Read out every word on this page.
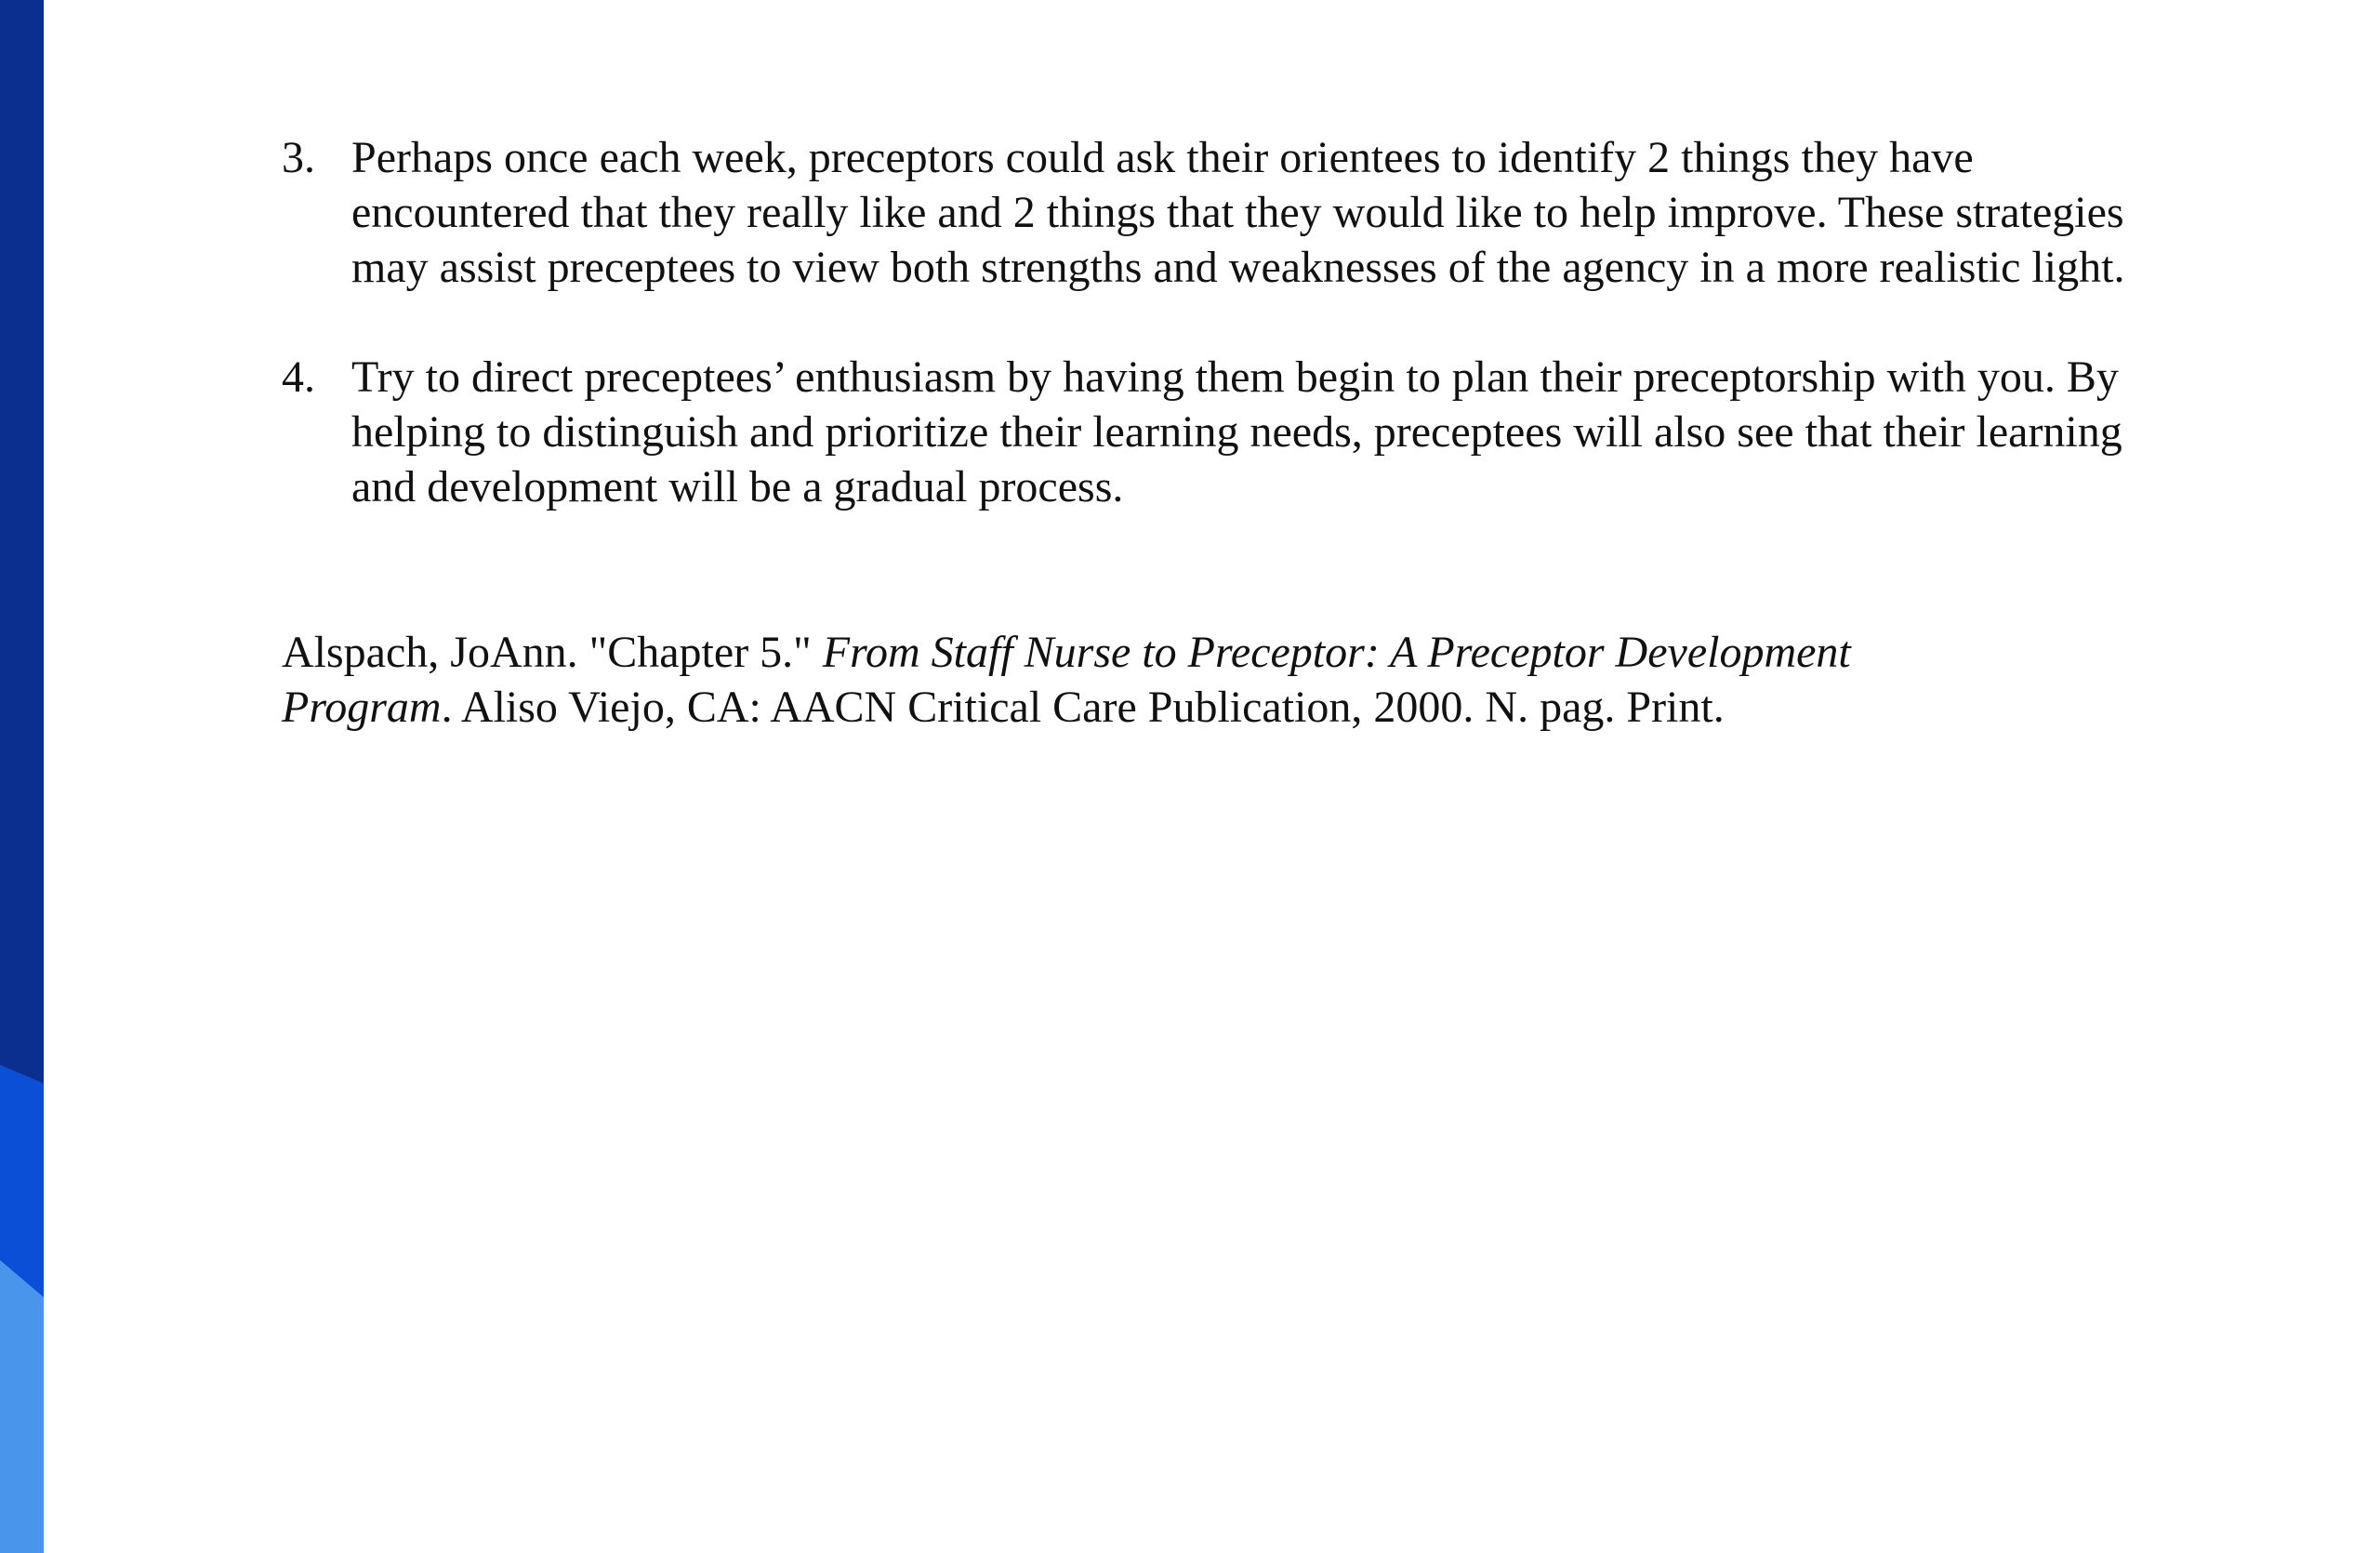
3. Perhaps once each week, preceptors could ask their orientees to identify 2 things they have encountered that they really like and 2 things that they would like to help improve. These strategies may assist preceptees to view both strengths and weaknesses of the agency in a more realistic light.
4. Try to direct preceptees’ enthusiasm by having them begin to plan their preceptorship with you. By helping to distinguish and prioritize their learning needs, preceptees will also see that their learning and development will be a gradual process.

Alspach, JoAnn. "Chapter 5." From Staff Nurse to Preceptor: A Preceptor Development Program. Aliso Viejo, CA: AACN Critical Care Publication, 2000. N. pag. Print.
